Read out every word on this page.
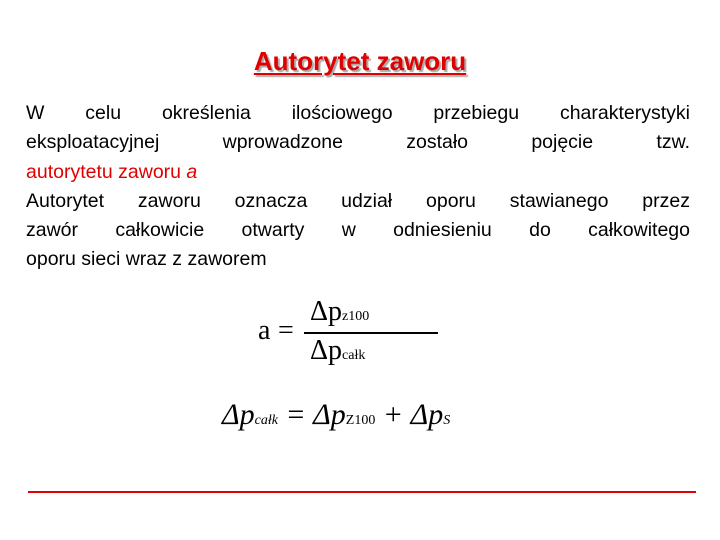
Autorytet zaworu
W celu określenia ilościowego przebiegu charakterystyki
eksploatacyjnej wprowadzone zostało pojęcie tzw.
autorytetu zaworu a
Autorytet zaworu oznacza udział oporu stawianego przez
zawór całkowicie otwarty w odniesieniu do całkowitego
oporu sieci wraz z zaworem
a =
Δpz100
Δpcałk
Δpcałk = ΔpZ100 + ΔpS
